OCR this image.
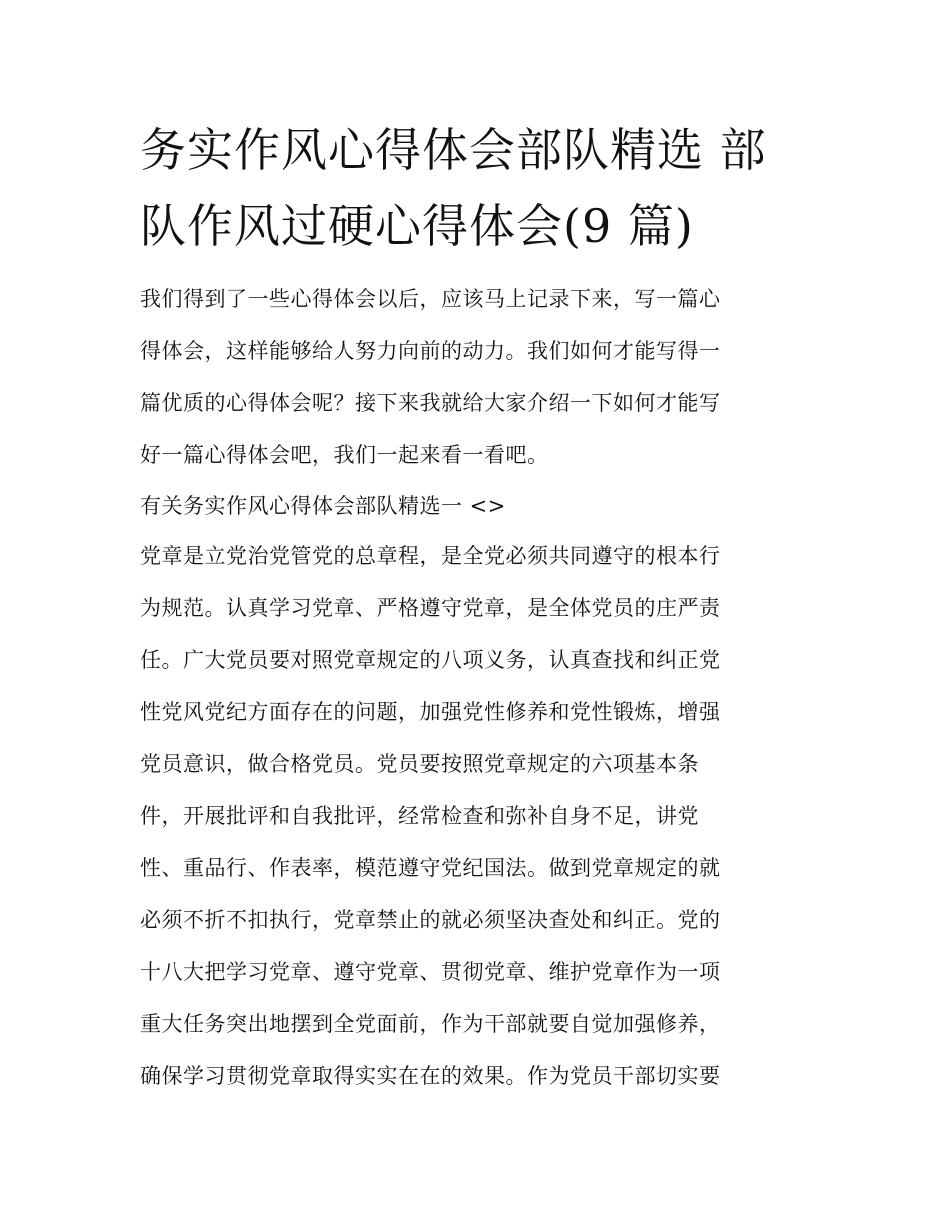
务实作风心得体会部队精选 部
队作风过硬心得体会(9 篇)

我们得到了一些心得体会以后，应该马上记录下来，写一篇心

得体会，这样能够给人努力向前的动力。我们如何才能写得一

篇优质的心得体会呢？接下来我就给大家介绍一下如何才能写

好一篇心得体会吧，我们一起来看一看吧。

有关务实作风心得体会部队精选一 <>

党章是立党治党管党的总章程，是全党必须共同遵守的根本行

为规范。认真学习党章、严格遵守党章，是全体党员的庄严责

任。广大党员要对照党章规定的八项义务，认真查找和纠正党

性党风党纪方面存在的问题，加强党性修养和党性锻炼，增强

党员意识，做合格党员。党员要按照党章规定的六项基本条

件，开展批评和自我批评，经常检查和弥补自身不足，讲党

性、重品行、作表率，模范遵守党纪国法。做到党章规定的就

必须不折不扣执行，党章禁止的就必须坚决查处和纠正。党的

十八大把学习党章、遵守党章、贯彻党章、维护党章作为一项

重大任务突出地摆到全党面前，作为干部就要自觉加强修养，

确保学习贯彻党章取得实实在在的效果。作为党员干部切实要
